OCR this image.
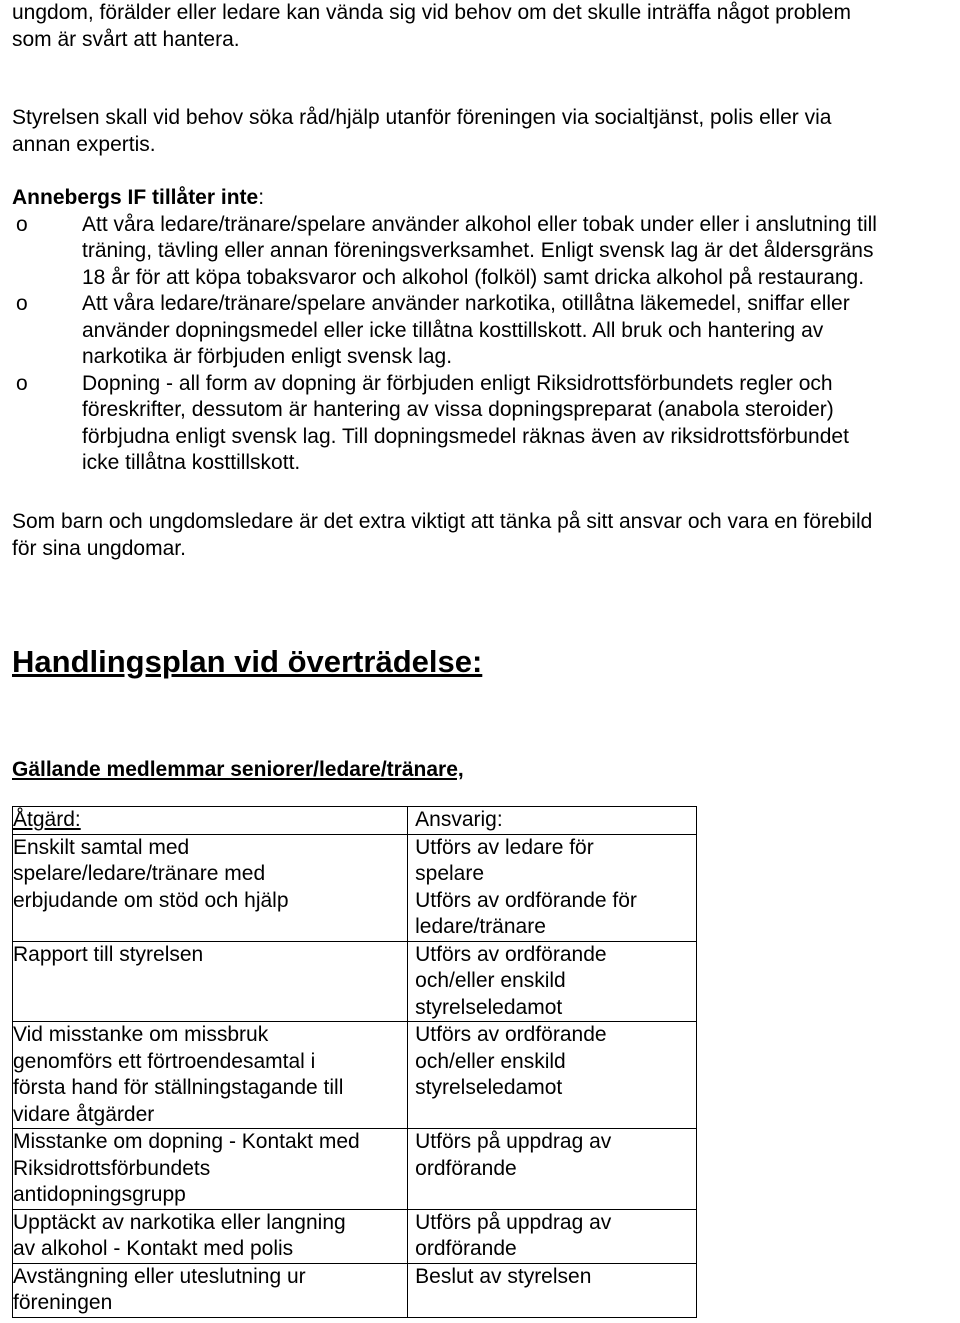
ungdom, förälder eller ledare kan vända sig vid behov om det skulle inträffa något problem
som är svårt att hantera.

Styrelsen skall vid behov söka råd/hjälp utanför föreningen via socialtjänst, polis eller via
annan expertis.

Annebergs IF tillåter inte:

o	Att våra ledare/tränare/spelare använder alkohol eller tobak under eller i anslutning till
träning, tävling eller annan föreningsverksamhet. Enligt svensk lag är det åldersgräns
18 år för att köpa tobaksvaror och alkohol (folköl) samt dricka alkohol på restaurang.
o	Att våra ledare/tränare/spelare använder narkotika, otillåtna läkemedel, sniffar eller
använder dopningsmedel eller icke tillåtna kosttillskott. All bruk och hantering av
narkotika är förbjuden enligt svensk lag.
o	Dopning - all form av dopning är förbjuden enligt Riksidrottsförbundets regler och
föreskrifter, dessutom är hantering av vissa dopningspreparat (anabola steroider)
förbjudna enligt svensk lag. Till dopningsmedel räknas även av riksidrottsförbundet
icke tillåtna kosttillskott.

Som barn och ungdomsledare är det extra viktigt att tänka på sitt ansvar och vara en förebild
för sina ungdomar.

Handlingsplan vid överträdelse:
Gällande medlemmar seniorer/ledare/tränare,
Åtgärd:	Ansvarig:

Enskilt samtal med
spelare/ledare/tränare med
erbjudande om stöd och hjälp	Utförs av ledare för
spelare
Utförs av ordförande för
ledare/tränare

Rapport till styrelsen	Utförs av ordförande
och/eller enskild
styrelseledamot

Vid misstanke om missbruk
genomförs ett förtroendesamtal i
första hand för ställningstagande till
vidare åtgärder	Utförs av ordförande
och/eller enskild
styrelseledamot

Misstanke om dopning - Kontakt med
Riksidrottsförbundets
antidopningsgrupp	Utförs på uppdrag av
ordförande

Upptäckt av narkotika eller langning
av alkohol - Kontakt med polis	Utförs på uppdrag av
ordförande

Avstängning eller uteslutning ur
föreningen	Beslut av styrelsen
